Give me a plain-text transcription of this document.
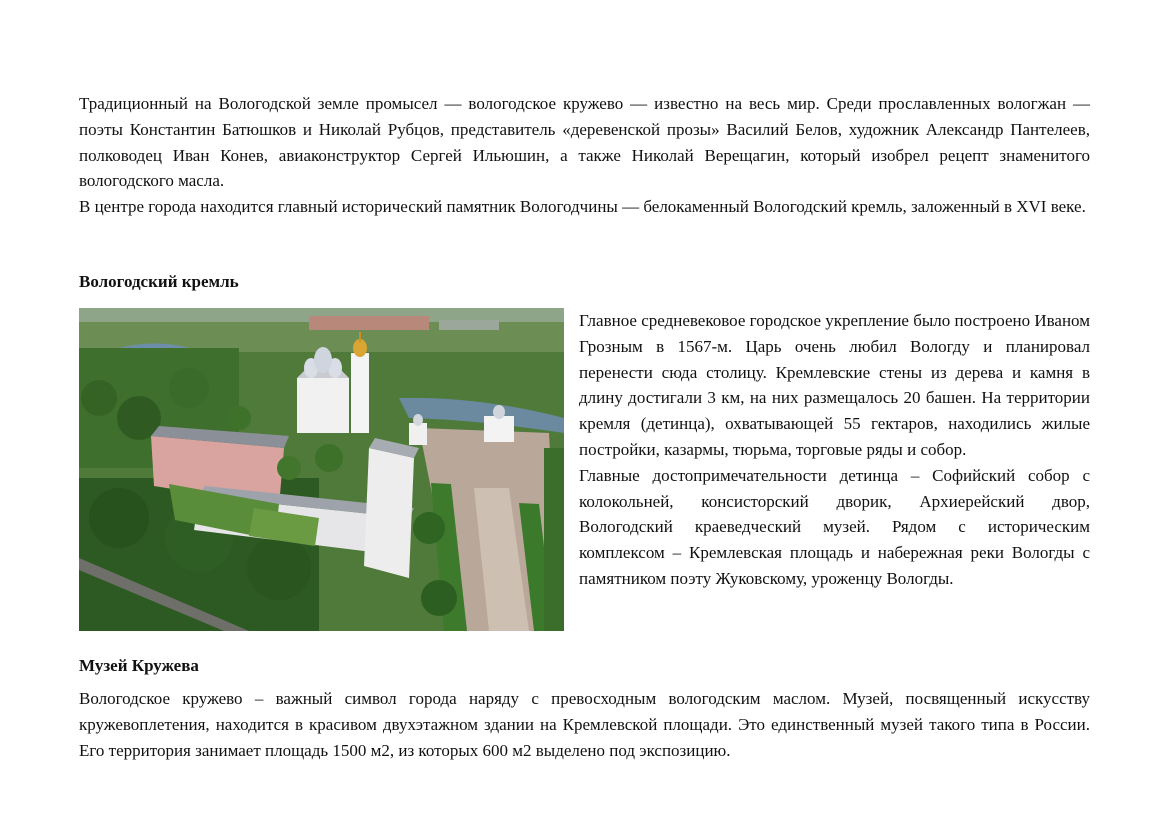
Традиционный на Вологодской земле промысел — вологодское кружево — известно на весь мир. Среди прославленных вологжан — поэты Константин Батюшков и Николай Рубцов, представитель «деревенской прозы» Василий Белов, художник Александр Пантелеев, полководец Иван Конев, авиаконструктор Сергей Ильюшин, а также Николай Верещагин, который изобрел рецепт знаменитого вологодского масла.

В центре города находится главный исторический памятник Вологодчины — белокаменный Вологодский кремль, заложенный в XVI веке.

Вологодский кремль

Главное средневековое городское укрепление было построено Иваном Грозным в 1567-м. Царь очень любил Вологду и планировал перенести сюда столицу. Кремлевские стены из дерева и камня в длину достигали 3 км, на них размещалось 20 башен. На территории кремля (детинца), охватывающей 55 гектаров, находились жилые постройки, казармы, тюрьма, торговые ряды и собор.

Главные достопримечательности детинца – Софийский собор с колокольней, консисторский дворик, Архиерейский двор, Вологодский краеведческий музей. Рядом с историческим комплексом – Кремлевская площадь и набережная реки Вологды с памятником поэту Жуковскому, уроженцу Вологды.

Музей Кружева

Вологодское кружево – важный символ города наряду с превосходным вологодским маслом. Музей, посвященный искусству кружевоплетения, находится в красивом двухэтажном здании на Кремлевской площади. Это единственный музей такого типа в России. Его территория занимает площадь 1500 м2, из которых 600 м2 выделено под экспозицию.
